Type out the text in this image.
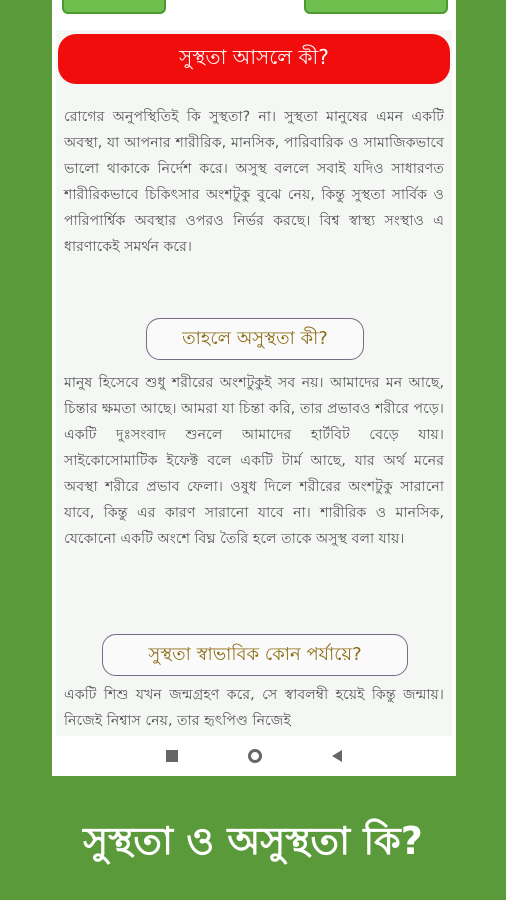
সুস্থতা আসলে কী?

রোগের অনুপস্থিতিই কি সুস্থতা? না। সুস্থতা মানুষের এমন একটি অবস্থা, যা আপনার শারীরিক, মানসিক, পারিবারিক ও সামাজিকভাবে ভালো থাকাকে নির্দেশ করে। অসুস্থ বললে সবাই যদিও সাধারণত শারীরিকভাবে চিকিৎসার অংশটুকু বুঝে নেয়, কিন্তু সুস্থতা সার্বিক ও পারিপার্শ্বিক অবস্থার ওপরও নির্ভর করছে। বিশ্ব স্বাস্থ্য সংস্থাও এ ধারণাকেই সমর্থন করে।

তাহলে অসুস্থতা কী?

মানুষ হিসেবে শুধু শরীরের অংশটুকুই সব নয়। আমাদের মন আছে, চিন্তার ক্ষমতা আছে। আমরা যা চিন্তা করি, তার প্রভাবও শরীরে পড়ে। একটি দুঃসংবাদ শুনলে আমাদের হার্টবিট বেড়ে যায়। সাইকোসোমাটিক ইফেক্ট বলে একটি টার্ম আছে, যার অর্থ মনের অবস্থা শরীরে প্রভাব ফেলা। ওষুধ দিলে শরীরের অংশটুকু সারানো যাবে, কিন্তু এর কারণ সারানো যাবে না। শারীরিক ও মানসিক, যেকোনো একটি অংশে বিঘ্ন তৈরি হলে তাকে অসুস্থ বলা যায়।

সুস্থতা স্বাভাবিক কোন পর্যায়ে?

একটি শিশু যখন জন্মগ্রহণ করে, সে স্বাবলম্বী হয়েই কিন্তু জন্মায়। নিজেই নিশ্বাস নেয়, তার হৃৎপিণ্ড নিজেই

সুস্থতা ও অসুস্থতা কি?
